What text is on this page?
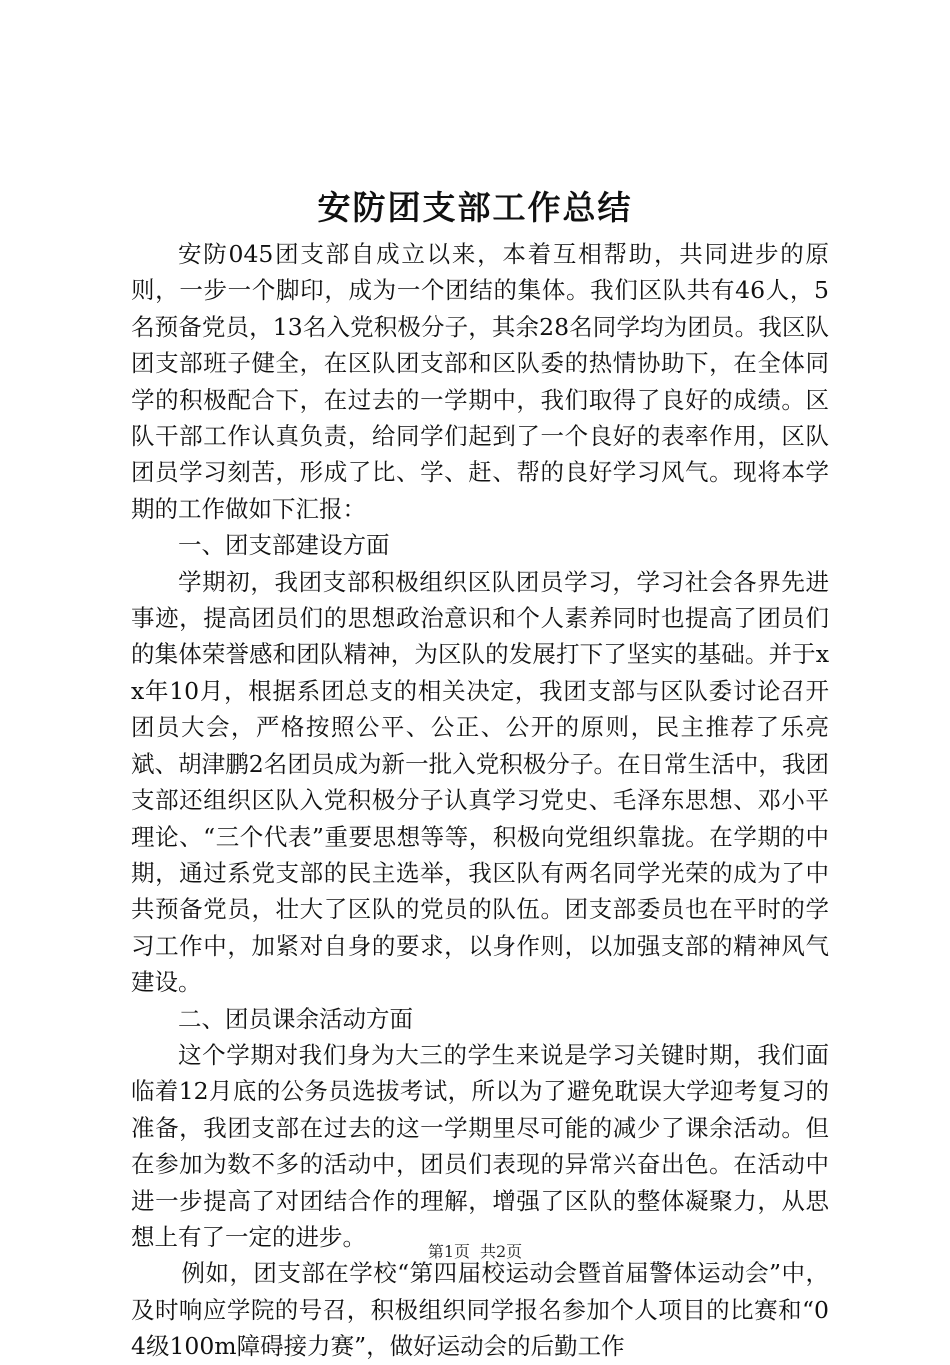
安防团支部工作总结

安防045团支部自成立以来，本着互相帮助，共同进步的原则，一步一个脚印，成为一个团结的集体。我们区队共有46人，5名预备党员，13名入党积极分子，其余28名同学均为团员。我区队团支部班子健全，在区队团支部和区队委的热情协助下，在全体同学的积极配合下，在过去的一学期中，我们取得了良好的成绩。区队干部工作认真负责，给同学们起到了一个良好的表率作用，区队团员学习刻苦，形成了比、学、赶、帮的良好学习风气。现将本学期的工作做如下汇报：

一、团支部建设方面

学期初，我团支部积极组织区队团员学习，学习社会各界先进事迹，提高团员们的思想政治意识和个人素养同时也提高了团员们的集体荣誉感和团队精神，为区队的发展打下了坚实的基础。并于xx年10月，根据系团总支的相关决定，我团支部与区队委讨论召开团员大会，严格按照公平、公正、公开的原则，民主推荐了乐亮斌、胡津鹏2名团员成为新一批入党积极分子。在日常生活中，我团支部还组织区队入党积极分子认真学习党史、毛泽东思想、邓小平理论、“三个代表”重要思想等等，积极向党组织靠拢。在学期的中期，通过系党支部的民主选举，我区队有两名同学光荣的成为了中共预备党员，壮大了区队的党员的队伍。团支部委员也在平时的学习工作中，加紧对自身的要求，以身作则，以加强支部的精神风气建设。

二、团员课余活动方面

这个学期对我们身为大三的学生来说是学习关键时期，我们面临着12月底的公务员选拔考试，所以为了避免耽误大学迎考复习的准备，我团支部在过去的这一学期里尽可能的减少了课余活动。但在参加为数不多的活动中，团员们表现的异常兴奋出色。在活动中进一步提高了对团结合作的理解，增强了区队的整体凝聚力，从思想上有了一定的进步。

例如，团支部在学校“第四届校运动会暨首届警体运动会”中，及时响应学院的号召，积极组织同学报名参加个人项目的比赛和“04级100m障碍接力赛”，做好运动会的后勤工作

第1页 共2页
